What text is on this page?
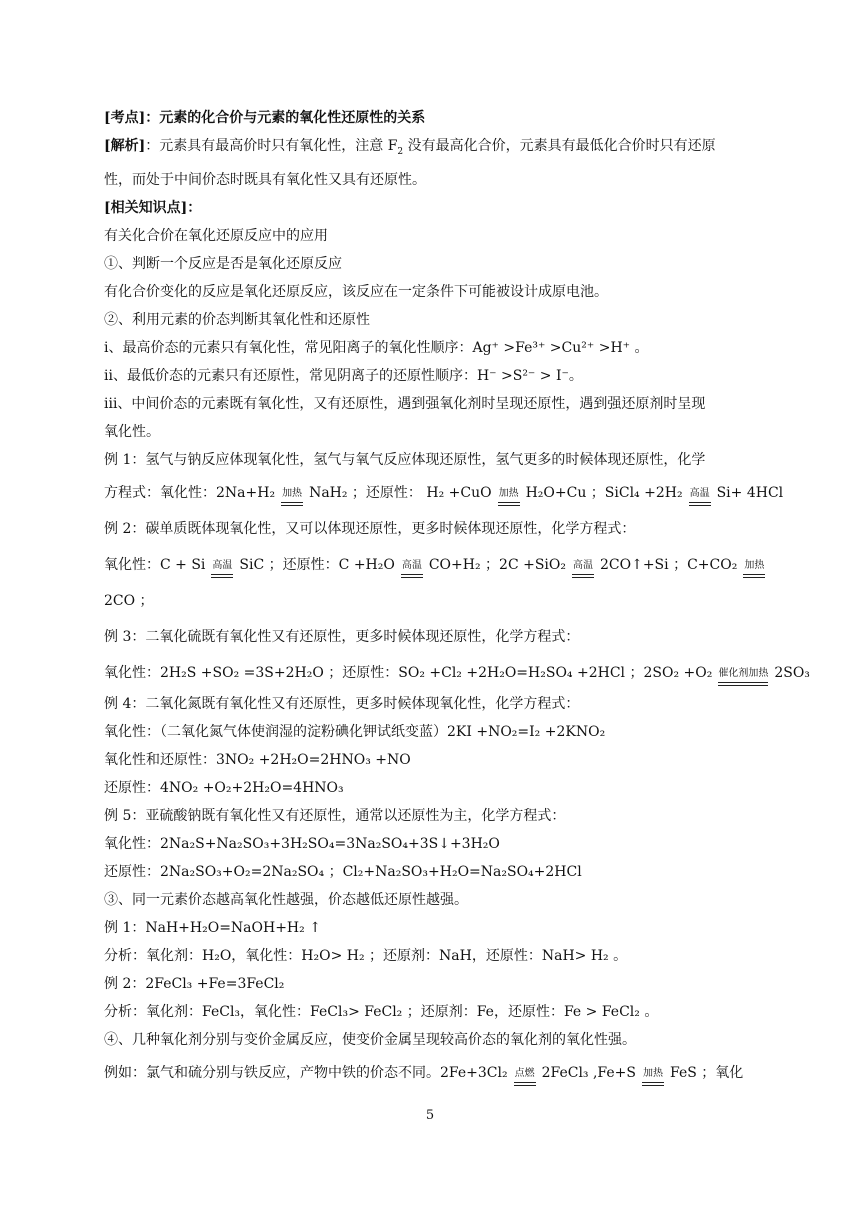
[考点]：元素的化合价与元素的氧化性还原性的关系
[解析]：元素具有最高价时只有氧化性，注意 $F_2$ 没有最高化合价，元素具有最低化合价时只有还原
性，而处于中间价态时既具有氧化性又具有还原性。
[相关知识点]：
有关化合价在氧化还原反应中的应用
①、判断一个反应是否是氧化还原反应
有化合价变化的反应是氧化还原反应，该反应在一定条件下可能被设计成原电池。
②、利用元素的价态判断其氧化性和还原性
ⅰ、最高价态的元素只有氧化性，常见阳离子的氧化性顺序：Ag⁺ >Fe³⁺ >Cu²⁺ >H⁺ 。
ⅱ、最低价态的元素只有还原性，常见阴离子的还原性顺序：H⁻ >S²⁻ > I⁻。
ⅲ、中间价态的元素既有氧化性，又有还原性，遇到强氧化剂时呈现还原性，遇到强还原剂时呈现
氧化性。
例 1：氢气与钠反应体现氧化性，氢气与氧气反应体现还原性，氢气更多的时候体现还原性，化学
方程式：氧化性：2Na+H₂ 加热 NaH₂ ；还原性： H₂ +CuO 加热 H₂O+Cu ；SiCl₄ +2H₂ 高温 Si+ 4HCl
例 2：碳单质既体现氧化性，又可以体现还原性，更多时候体现还原性，化学方程式：
氧化性：C + Si 高温 SiC ；还原性：C +H₂O 高温 CO+H₂ ；2C +SiO₂ 高温 2CO↑+Si ；C+CO₂ 加热
2CO ；
例 3：二氧化硫既有氧化性又有还原性，更多时候体现还原性，化学方程式：
氧化性：2H₂S +SO₂ =3S+2H₂O ；还原性：SO₂ +Cl₂ +2H₂O=H₂SO₄ +2HCl ；2SO₂ +O₂ 催化剂加热 2SO₃
例 4：二氧化氮既有氧化性又有还原性，更多时候体现氧化性，化学方程式：
氧化性：（二氧化氮气体使润湿的淀粉碘化钾试纸变蓝）2KI +NO₂=I₂ +2KNO₂
氧化性和还原性：3NO₂ +2H₂O=2HNO₃ +NO
还原性：4NO₂ +O₂+2H₂O=4HNO₃
例 5：亚硫酸钠既有氧化性又有还原性，通常以还原性为主，化学方程式：
氧化性：2Na₂S+Na₂SO₃+3H₂SO₄=3Na₂SO₄+3S↓+3H₂O
还原性：2Na₂SO₃+O₂=2Na₂SO₄ ；Cl₂+Na₂SO₃+H₂O=Na₂SO₄+2HCl
③、同一元素价态越高氧化性越强，价态越低还原性越强。
例 1：NaH+H₂O=NaOH+H₂ ↑
分析：氧化剂：H₂O，氧化性：H₂O> H₂ ；还原剂：NaH，还原性：NaH> H₂ 。
例 2：2FeCl₃ +Fe=3FeCl₂
分析：氧化剂：FeCl₃，氧化性：FeCl₃> FeCl₂ ；还原剂：Fe，还原性：Fe > FeCl₂ 。
④、几种氧化剂分别与变价金属反应，使变价金属呈现较高价态的氧化剂的氧化性强。
例如：氯气和硫分别与铁反应，产物中铁的价态不同。2Fe+3Cl₂ 点燃 2FeCl₃ ,Fe+S 加热 FeS ；氧化
5
